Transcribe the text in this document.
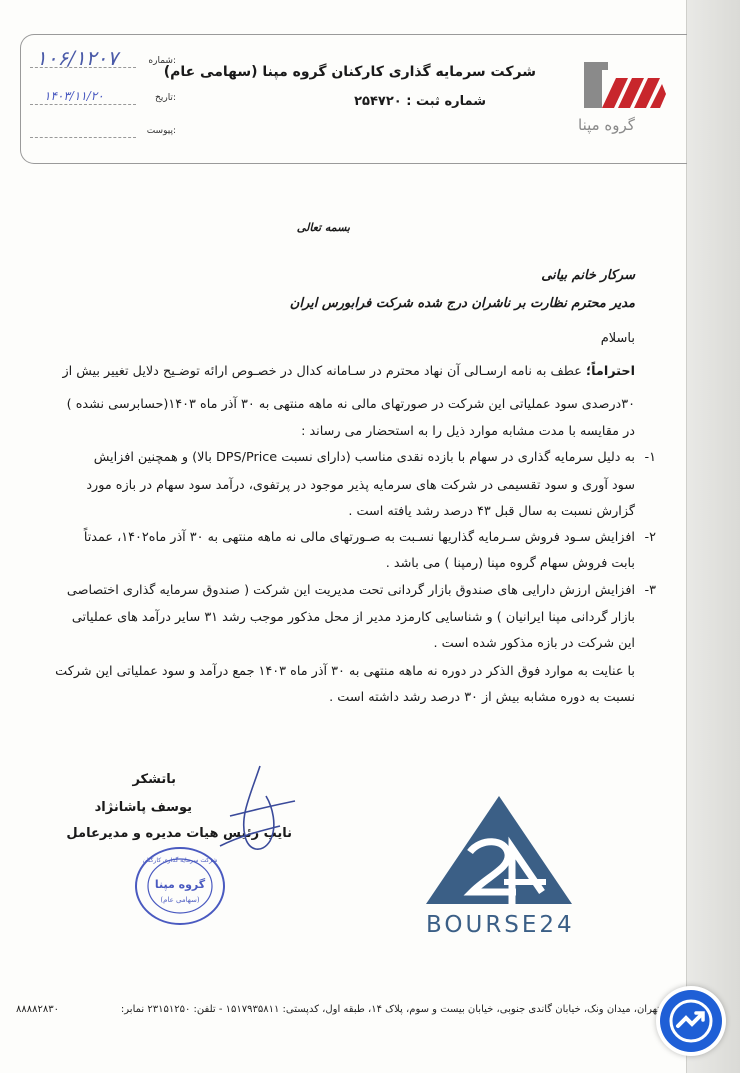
گروه مپنا
شرکت سرمایه گذاری کارکنان گروه مپنا (سهامی عام)
شماره ثبت : ۲۵۴۷۲۰
۱۰۶/۱۲۰۷	شماره:
۱۴۰۳/۱۱/۲۰	تاریخ:
پیوست:
بسمه تعالی
سرکار خانم بیانی
مدیر محترم نظارت بر ناشران درج شده شرکت فرابورس ایران
باسلام
احتراماً؛ عطف به نامه ارسـالی آن نهاد محترم در سـامانه کدال در خصـوص ارائه توضـیح دلایل تغییر بیش از
۳۰درصدی سود عملیاتی این شرکت در صورتهای مالی نه ماهه منتهی به ۳۰ آذر ماه ۱۴۰۳(حسابرسی نشده )
در مقایسه با مدت مشابه موارد ذیل را به استحضار می رساند :
۱-
به دلیل سرمایه گذاری در سهام با بازده نقدی مناسب (دارای نسبت DPS/Price بالا) و همچنین افزایش
سود آوری و سود تقسیمی در شرکت های سرمایه پذیر موجود در پرتفوی، درآمد سود سهام در بازه مورد
گزارش نسبت به سال قبل ۴۳ درصد رشد یافته است .
۲-
افزایش سـود فروش سـرمایه گذاریها نسـبت به صـورتهای مالی نه ماهه منتهی به ۳۰ آذر ماه۱۴۰۲، عمدتاً
بابت فروش سهام گروه مپنا (رمپنا ) می باشد .
۳-
افزایش ارزش دارایی های صندوق بازار گردانی تحت مدیریت این شرکت ( صندوق سرمایه گذاری اختصاصی
بازار گردانی مپنا ایرانیان ) و شناسایی کارمزد مدیر از محل مذکور موجب رشد ۳۱ سایر درآمد های عملیاتی
این شرکت در بازه مذکور شده است .
با عنایت به موارد فوق الذکر در دوره نه ماهه منتهی به ۳۰ آذر ماه ۱۴۰۳ جمع درآمد و سود عملیاتی این شرکت
نسبت به دوره مشابه بیش از ۳۰ درصد رشد داشته است .
باتشکر
یوسف پاشانژاد
نایب رئیس هیات مدیره و مدیرعامل
گروه مپنا
(سهامی عام)
شرکت سرمایه گذاری کارکنان
BOURSE24
تهران، میدان ونک، خیابان گاندی جنوبی، خیابان بیست و سوم، پلاک ۱۴، طبقه اول، کدپستی: ۱۵۱۷۹۳۵۸۱۱ - تلفن: ۲۳۱۵۱۲۵۰ نمابر:
۸۸۸۸۲۸۳۰
